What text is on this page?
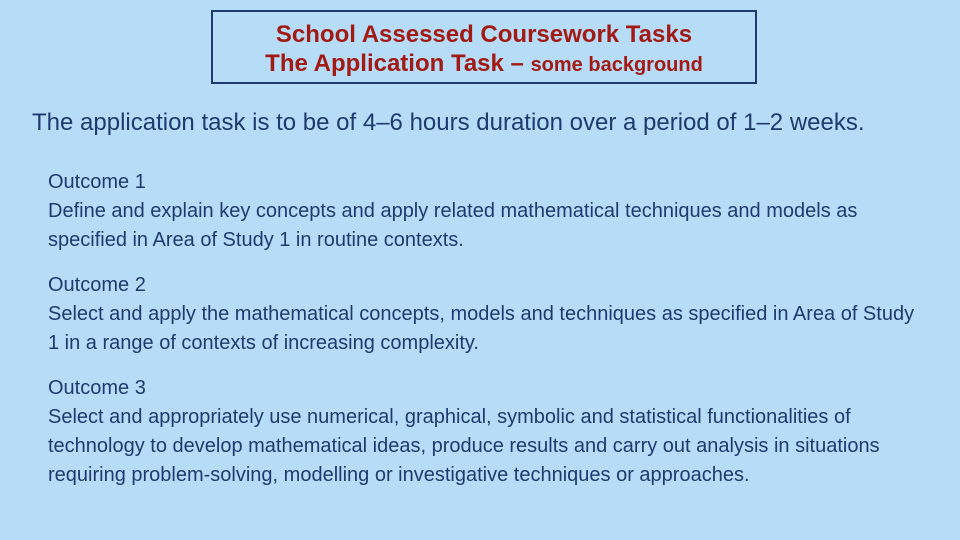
School Assessed Coursework Tasks
The Application Task – some background
The application task is to be of 4–6 hours duration over a period of 1–2 weeks.
Outcome 1
Define and explain key concepts and apply related mathematical techniques and models as specified in Area of Study 1 in routine contexts.
Outcome 2
Select and apply the mathematical concepts, models and techniques as specified in Area of Study 1 in a range of contexts of increasing complexity.
Outcome 3
Select and appropriately use numerical, graphical, symbolic and statistical functionalities of technology to develop mathematical ideas, produce results and carry out analysis in situations requiring problem-solving, modelling or investigative techniques or approaches.
